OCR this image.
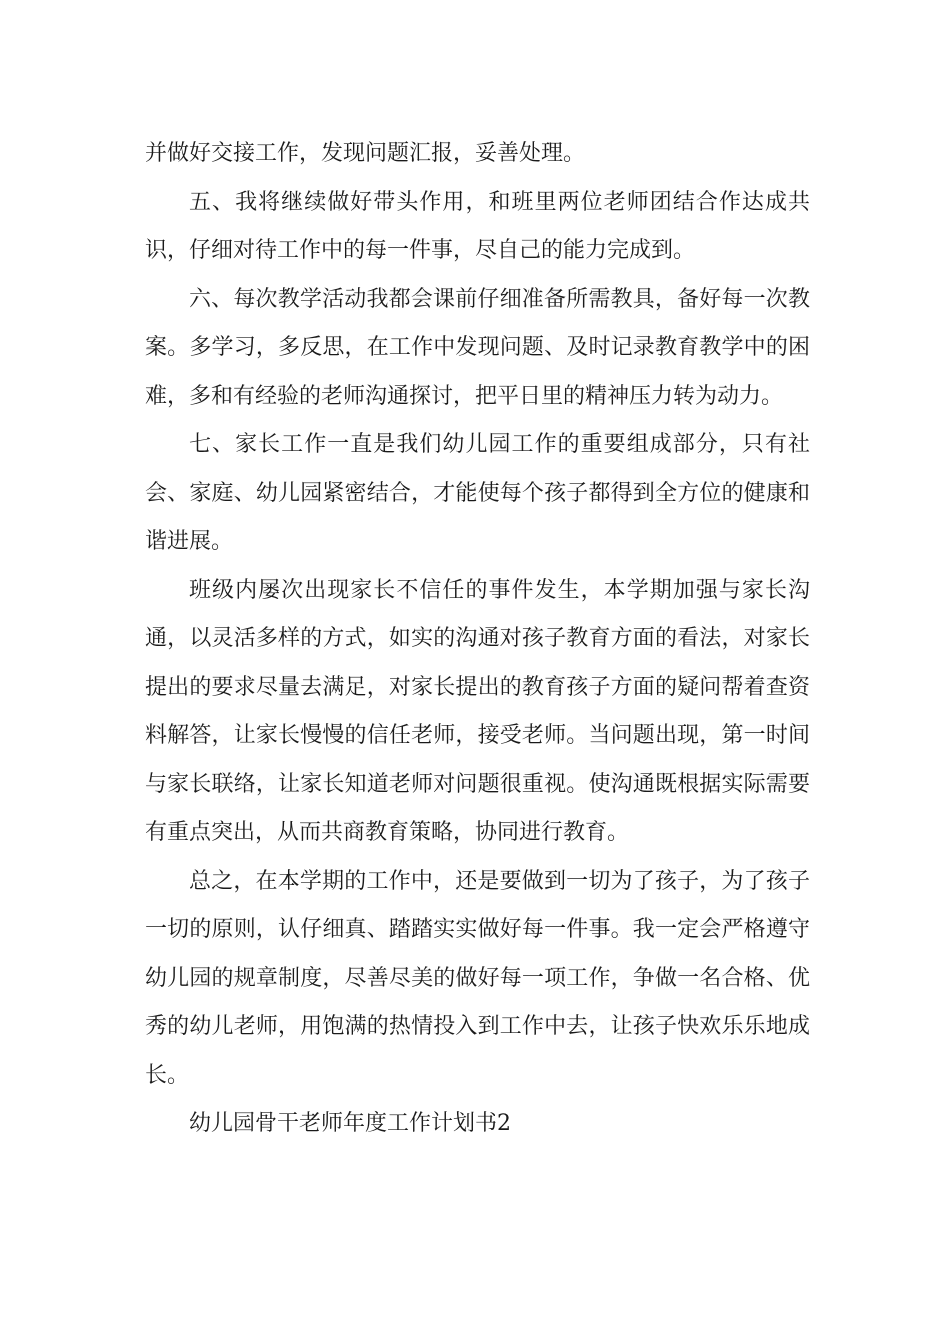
并做好交接工作，发现问题汇报，妥善处理。

五、我将继续做好带头作用，和班里两位老师团结合作达成共识，仔细对待工作中的每一件事，尽自己的能力完成到。

六、每次教学活动我都会课前仔细准备所需教具，备好每一次教案。多学习，多反思，在工作中发现问题、及时记录教育教学中的困难，多和有经验的老师沟通探讨，把平日里的精神压力转为动力。

七、家长工作一直是我们幼儿园工作的重要组成部分，只有社会、家庭、幼儿园紧密结合，才能使每个孩子都得到全方位的健康和谐进展。

班级内屡次出现家长不信任的事件发生，本学期加强与家长沟通，以灵活多样的方式，如实的沟通对孩子教育方面的看法，对家长提出的要求尽量去满足，对家长提出的教育孩子方面的疑问帮着查资料解答，让家长慢慢的信任老师，接受老师。当问题出现，第一时间与家长联络，让家长知道老师对问题很重视。使沟通既根据实际需要有重点突出，从而共商教育策略，协同进行教育。

总之，在本学期的工作中，还是要做到一切为了孩子，为了孩子一切的原则，认仔细真、踏踏实实做好每一件事。我一定会严格遵守幼儿园的规章制度，尽善尽美的做好每一项工作，争做一名合格、优秀的幼儿老师，用饱满的热情投入到工作中去，让孩子快欢乐乐地成长。

幼儿园骨干老师年度工作计划书2
